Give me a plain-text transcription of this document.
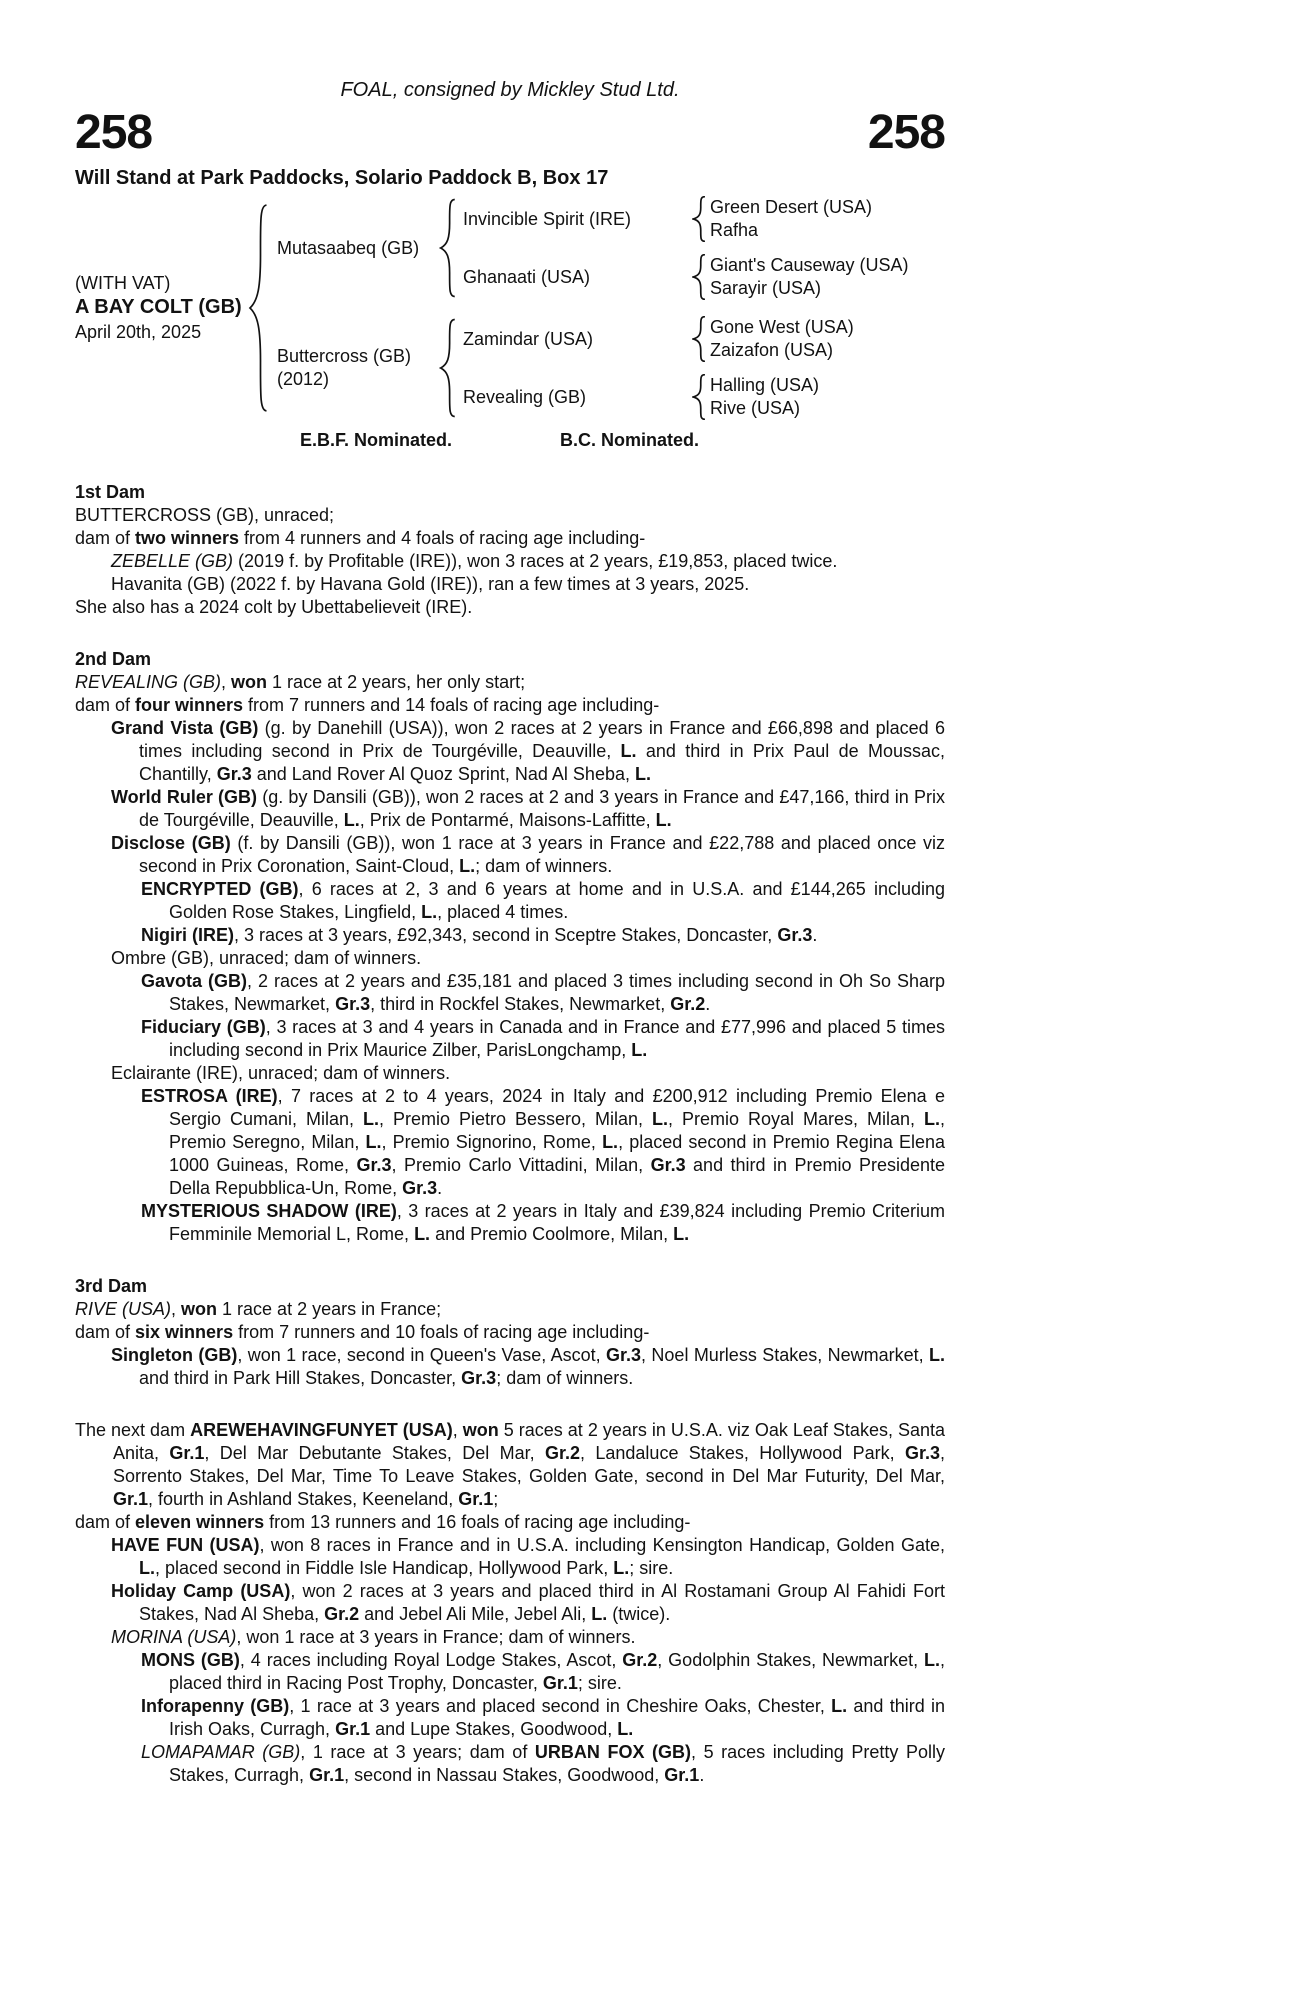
FOAL, consigned by Mickley Stud Ltd.
258	258
Will Stand at Park Paddocks, Solario Paddock B, Box 17
(WITH VAT)
A BAY COLT (GB)
April 20th, 2025
Mutasaabeq (GB)
Invincible Spirit (IRE)
Green Desert (USA)
Rafha
Ghanaati (USA)
Giant's Causeway (USA)
Sarayir (USA)
Buttercross (GB)
(2012)
Zamindar (USA)
Gone West (USA)
Zaizafon (USA)
Revealing (GB)
Halling (USA)
Rive (USA)
E.B.F. Nominated.	B.C. Nominated.
1st Dam

BUTTERCROSS (GB), unraced;

dam of two winners from 4 runners and 4 foals of racing age including-

ZEBELLE (GB) (2019 f. by Profitable (IRE)), won 3 races at 2 years, £19,853, placed twice.

Havanita (GB) (2022 f. by Havana Gold (IRE)), ran a few times at 3 years, 2025.

She also has a 2024 colt by Ubettabelieveit (IRE).

2nd Dam

REVEALING (GB), won 1 race at 2 years, her only start;

dam of four winners from 7 runners and 14 foals of racing age including-

Grand Vista (GB) (g. by Danehill (USA)), won 2 races at 2 years in France and £66,898 and placed 6 times including second in Prix de Tourgéville, Deauville, L. and third in Prix Paul de Moussac, Chantilly, Gr.3 and Land Rover Al Quoz Sprint, Nad Al Sheba, L.

World Ruler (GB) (g. by Dansili (GB)), won 2 races at 2 and 3 years in France and £47,166, third in Prix de Tourgéville, Deauville, L., Prix de Pontarmé, Maisons-Laffitte, L.

Disclose (GB) (f. by Dansili (GB)), won 1 race at 3 years in France and £22,788 and placed once viz second in Prix Coronation, Saint-Cloud, L.; dam of winners.

ENCRYPTED (GB), 6 races at 2, 3 and 6 years at home and in U.S.A. and £144,265 including Golden Rose Stakes, Lingfield, L., placed 4 times.

Nigiri (IRE), 3 races at 3 years, £92,343, second in Sceptre Stakes, Doncaster, Gr.3.

Ombre (GB), unraced; dam of winners.

Gavota (GB), 2 races at 2 years and £35,181 and placed 3 times including second in Oh So Sharp Stakes, Newmarket, Gr.3, third in Rockfel Stakes, Newmarket, Gr.2.

Fiduciary (GB), 3 races at 3 and 4 years in Canada and in France and £77,996 and placed 5 times including second in Prix Maurice Zilber, ParisLongchamp, L.

Eclairante (IRE), unraced; dam of winners.

ESTROSA (IRE), 7 races at 2 to 4 years, 2024 in Italy and £200,912 including Premio Elena e Sergio Cumani, Milan, L., Premio Pietro Bessero, Milan, L., Premio Royal Mares, Milan, L., Premio Seregno, Milan, L., Premio Signorino, Rome, L., placed second in Premio Regina Elena 1000 Guineas, Rome, Gr.3, Premio Carlo Vittadini, Milan, Gr.3 and third in Premio Presidente Della Repubblica-Un, Rome, Gr.3.

MYSTERIOUS SHADOW (IRE), 3 races at 2 years in Italy and £39,824 including Premio Criterium Femminile Memorial L, Rome, L. and Premio Coolmore, Milan, L.

3rd Dam

RIVE (USA), won 1 race at 2 years in France;

dam of six winners from 7 runners and 10 foals of racing age including-

Singleton (GB), won 1 race, second in Queen's Vase, Ascot, Gr.3, Noel Murless Stakes, Newmarket, L. and third in Park Hill Stakes, Doncaster, Gr.3; dam of winners.

The next dam AREWEHAVINGFUNYET (USA), won 5 races at 2 years in U.S.A. viz Oak Leaf Stakes, Santa Anita, Gr.1, Del Mar Debutante Stakes, Del Mar, Gr.2, Landaluce Stakes, Hollywood Park, Gr.3, Sorrento Stakes, Del Mar, Time To Leave Stakes, Golden Gate, second in Del Mar Futurity, Del Mar, Gr.1, fourth in Ashland Stakes, Keeneland, Gr.1;

dam of eleven winners from 13 runners and 16 foals of racing age including-

HAVE FUN (USA), won 8 races in France and in U.S.A. including Kensington Handicap, Golden Gate, L., placed second in Fiddle Isle Handicap, Hollywood Park, L.; sire.

Holiday Camp (USA), won 2 races at 3 years and placed third in Al Rostamani Group Al Fahidi Fort Stakes, Nad Al Sheba, Gr.2 and Jebel Ali Mile, Jebel Ali, L. (twice).

MORINA (USA), won 1 race at 3 years in France; dam of winners.

MONS (GB), 4 races including Royal Lodge Stakes, Ascot, Gr.2, Godolphin Stakes, Newmarket, L., placed third in Racing Post Trophy, Doncaster, Gr.1; sire.

Inforapenny (GB), 1 race at 3 years and placed second in Cheshire Oaks, Chester, L. and third in Irish Oaks, Curragh, Gr.1 and Lupe Stakes, Goodwood, L.

LOMAPAMAR (GB), 1 race at 3 years; dam of URBAN FOX (GB), 5 races including Pretty Polly Stakes, Curragh, Gr.1, second in Nassau Stakes, Goodwood, Gr.1.
